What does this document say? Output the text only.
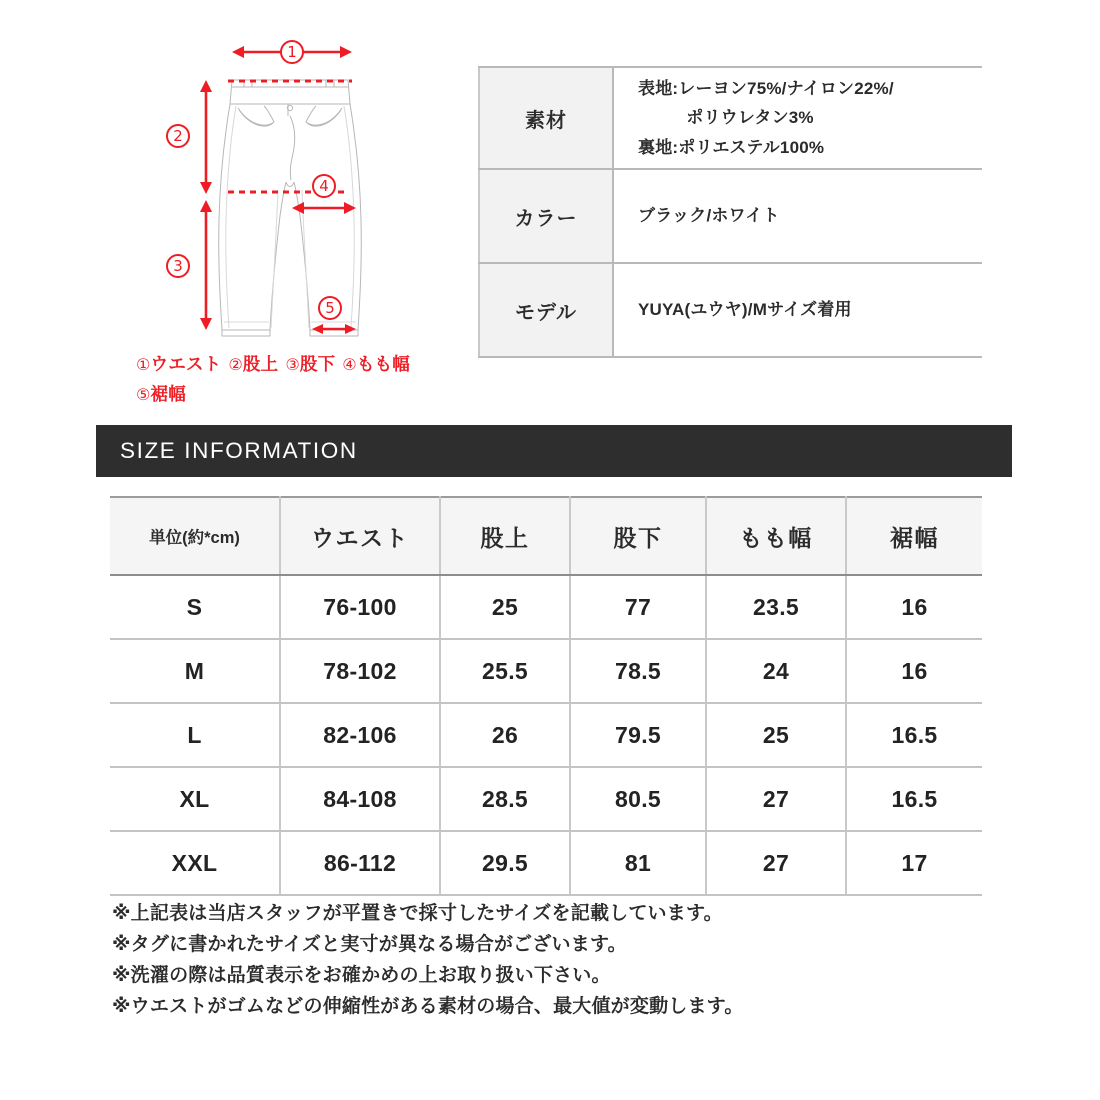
1
2
3
4
5
①ウエスト ②股上 ③股下 ④もも幅
⑤裾幅
素材	表地:レーヨン75%/ナイロン22%/
ポリウレタン3%
裏地:ポリエステル100%

カラー	ブラック/ホワイト

モデル	YUYA(ユウヤ)/Mサイズ着用
SIZE INFORMATION
単位(約*cm)	ウエスト	股上	股下	もも幅	裾幅
S	76-100	25	77	23.5	16
M	78-102	25.5	78.5	24	16
L	82-106	26	79.5	25	16.5
XL	84-108	28.5	80.5	27	16.5
XXL	86-112	29.5	81	27	17
※上記表は当店スタッフが平置きで採寸したサイズを記載しています。
※タグに書かれたサイズと実寸が異なる場合がございます。
※洗濯の際は品質表示をお確かめの上お取り扱い下さい。
※ウエストがゴムなどの伸縮性がある素材の場合、最大値が変動します。
